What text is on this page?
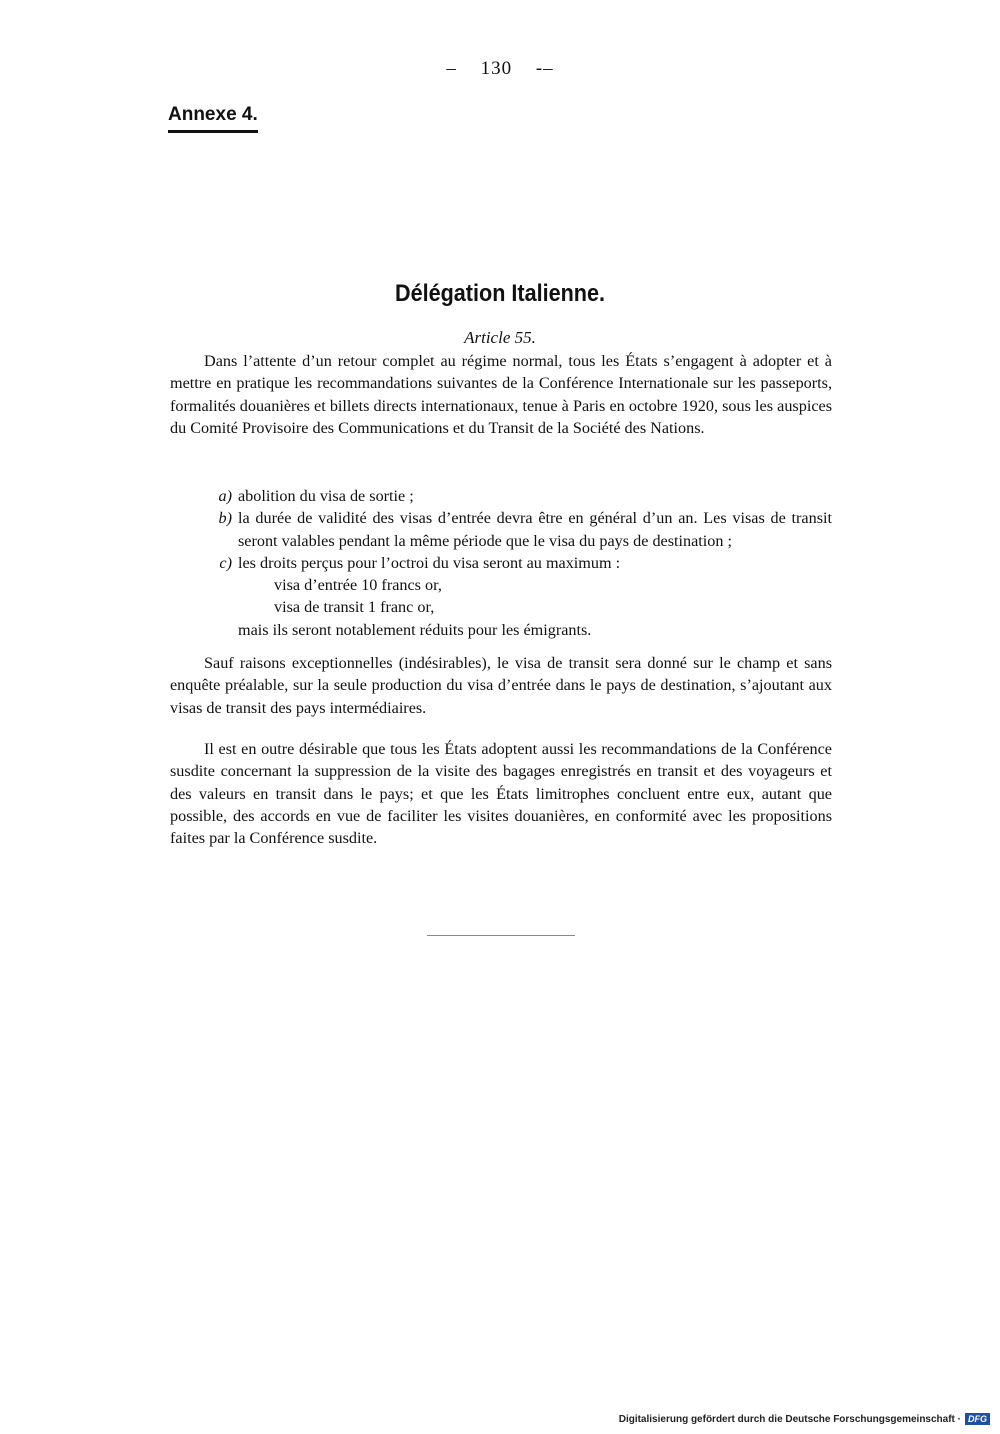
– 130 -–
Annexe 4.
Délégation Italienne.
Article 55.

Dans l’attente d’un retour complet au régime normal, tous les États s’engagent à adopter et à mettre en pratique les recommandations suivantes de la Conférence Internationale sur les passeports, formalités douanières et billets directs internationaux, tenue à Paris en octobre 1920, sous les auspices du Comité Provisoire des Communications et du Transit de la Société des Nations.

a) abolition du visa de sortie ;
b) la durée de validité des visas d’entrée devra être en général d’un an. Les visas de transit seront valables pendant la même période que le visa du pays de destination ;
c) les droits perçus pour l’octroi du visa seront au maximum :
visa d’entrée 10 francs or,
visa de transit 1 franc or,
mais ils seront notablement réduits pour les émigrants.

Sauf raisons exceptionnelles (indésirables), le visa de transit sera donné sur le champ et sans enquête préalable, sur la seule production du visa d’entrée dans le pays de destination, s’ajoutant aux visas de transit des pays intermédiaires.

Il est en outre désirable que tous les États adoptent aussi les recommandations de la Conférence susdite concernant la suppression de la visite des bagages enregistrés en transit et des voyageurs et des valeurs en transit dans le pays; et que les États limitrophes concluent entre eux, autant que possible, des accords en vue de faciliter les visites douanières, en conformité avec les propositions faites par la Conférence susdite.

Digitalisierung gefördert durch die Deutsche Forschungsgemeinschaft · DFG
